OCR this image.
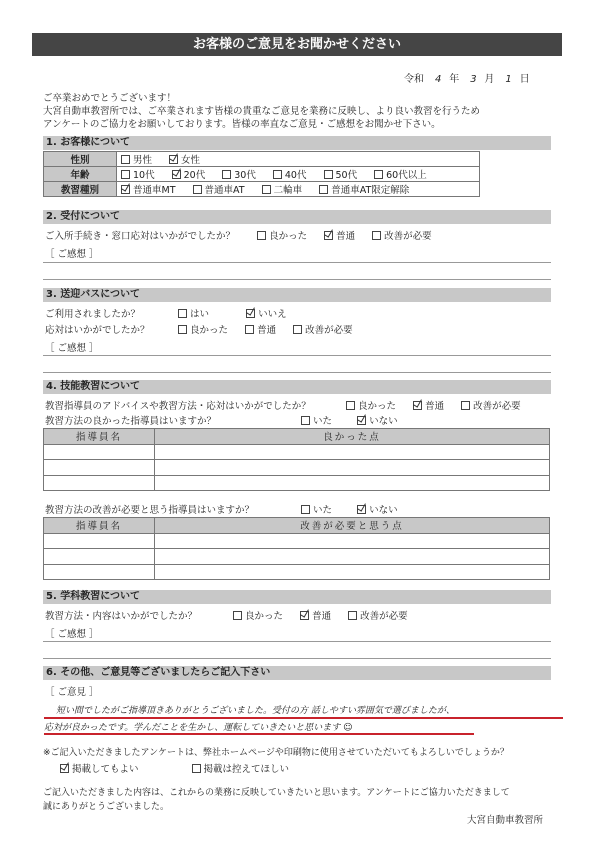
お客様のご意見をお聞かせください
令和 4 年 3 月 1 日
ご卒業おめでとうございます！
大宮自動車教習所では、ご卒業されます皆様の貴重なご意見を業務に反映し、より良い教習を行うため
アンケートのご協力をお願いしております。皆様の率直なご意見・ご感想をお聞かせ下さい。
1. お客様について
性別	男性 女性
年齢	10代 20代 30代 40代 50代 60代以上
教習種別	普通車MT 普通車AT 二輪車 普通車AT限定解除
2. 受付について
ご入所手続き・窓口応対はいかがでしたか？	良かった	普通	改善が必要
［ ご感想 ］
3. 送迎バスについて
ご利用されましたか？	はい	いいえ
応対はいかがでしたか？	良かった	普通	改善が必要
［ ご感想 ］
4. 技能教習について
教習指導員のアドバイスや教習方法・応対はいかがでしたか？	良かった	普通	改善が必要
教習方法の良かった指導員はいますか？	いた	いない
指導員名	良かった点

教習方法の改善が必要と思う指導員はいますか？	いた	いない
指導員名	改善が必要と思う点

5. 学科教習について
教習方法・内容はいかがでしたか？	良かった	普通	改善が必要
［ ご感想 ］
6. その他、ご意見等ございましたらご記入下さい
［ ご意見 ］
短い間でしたがご指導頂きありがとうございました。受付の方 話しやすい雰囲気で選びましたが、
応対が良かったです。学んだことを生かし、運転していきたいと思います ☺
※ご記入いただきましたアンケートは、弊社ホームページや印刷物に使用させていただいてもよろしいでしょうか？
掲載してもよい	掲載は控えてほしい
ご記入いただきました内容は、これからの業務に反映していきたいと思います。アンケートにご協力いただきまして
誠にありがとうございました。
大宮自動車教習所
